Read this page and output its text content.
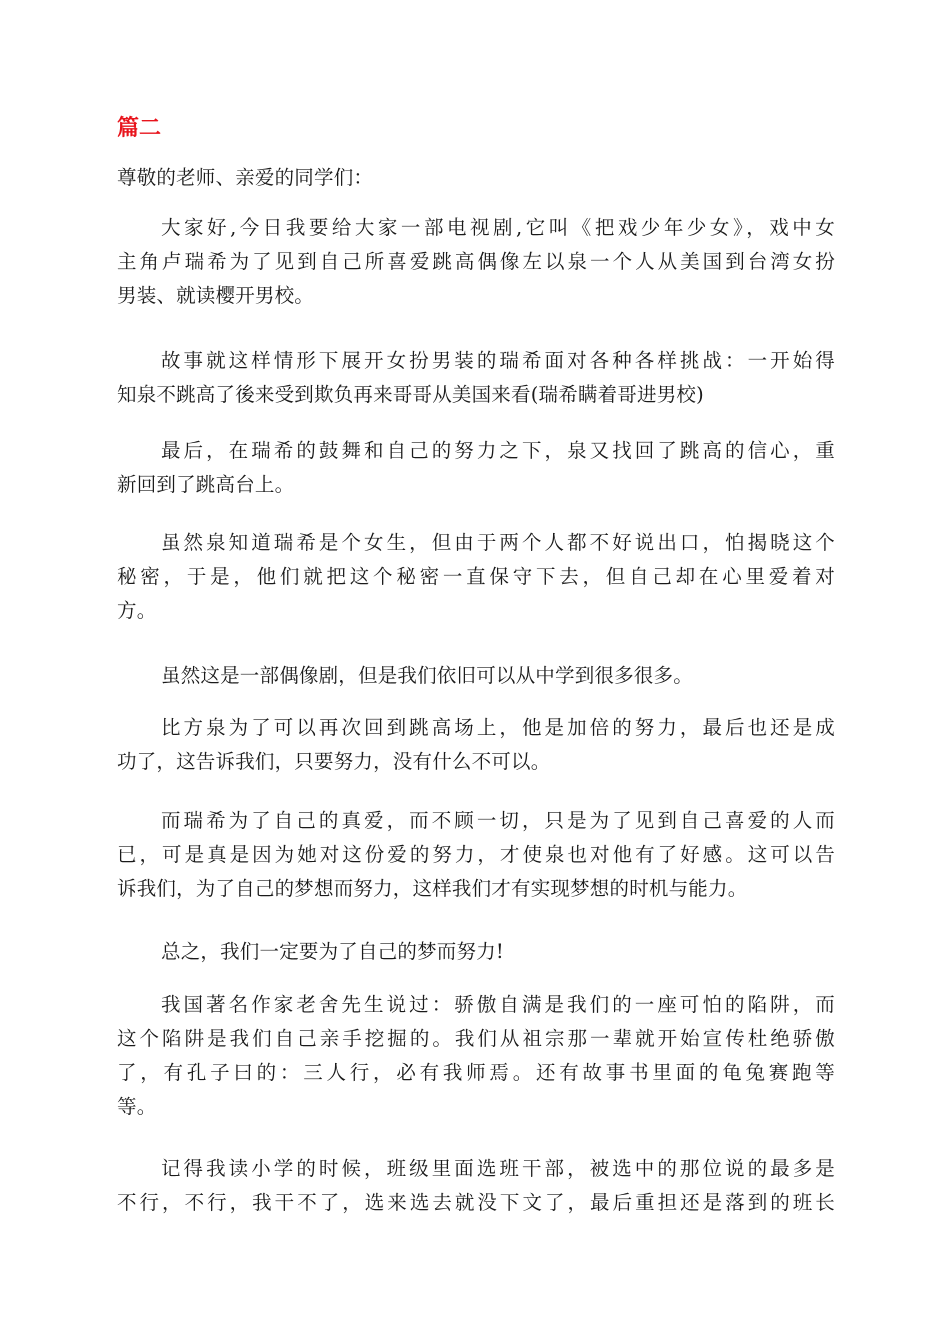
篇二

尊敬的老师、亲爱的同学们：

大家好,今日我要给大家一部电视剧,它叫《把戏少年少女》，戏中女
主角卢瑞希为了见到自己所喜爱跳高偶像左以泉一个人从美国到台湾女扮
男装、就读樱开男校。

故事就这样情形下展开女扮男装的瑞希面对各种各样挑战：一开始得
知泉不跳高了後来受到欺负再来哥哥从美国来看(瑞希瞒着哥进男校)

最后，在瑞希的鼓舞和自己的努力之下，泉又找回了跳高的信心，重
新回到了跳高台上。

虽然泉知道瑞希是个女生，但由于两个人都不好说出口，怕揭晓这个
秘密，于是，他们就把这个秘密一直保守下去，但自己却在心里爱着对
方。

虽然这是一部偶像剧，但是我们依旧可以从中学到很多很多。

比方泉为了可以再次回到跳高场上，他是加倍的努力，最后也还是成
功了，这告诉我们，只要努力，没有什么不可以。

而瑞希为了自己的真爱，而不顾一切，只是为了见到自己喜爱的人而
已，可是真是因为她对这份爱的努力，才使泉也对他有了好感。这可以告
诉我们，为了自己的梦想而努力，这样我们才有实现梦想的时机与能力。

总之，我们一定要为了自己的梦而努力!

我国著名作家老舍先生说过：骄傲自满是我们的一座可怕的陷阱，而
这个陷阱是我们自己亲手挖掘的。我们从祖宗那一辈就开始宣传杜绝骄傲
了，有孔子曰的：三人行，必有我师焉。还有故事书里面的龟兔赛跑等
等。

记得我读小学的时候，班级里面选班干部，被选中的那位说的最多是
不行，不行，我干不了，选来选去就没下文了，最后重担还是落到的班长
